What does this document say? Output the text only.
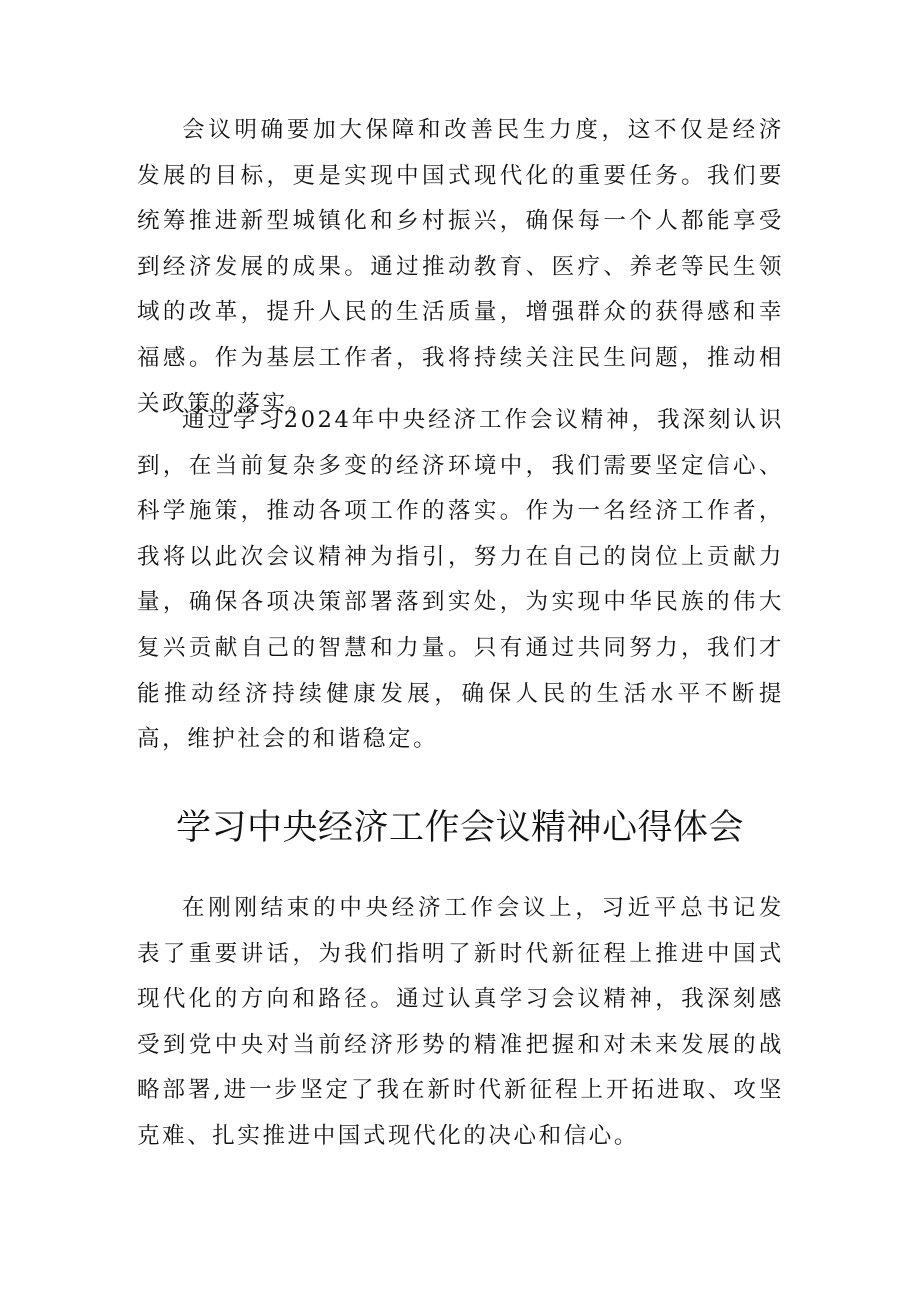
会议明确要加大保障和改善民生力度，这不仅是经济发展的目标，更是实现中国式现代化的重要任务。我们要统筹推进新型城镇化和乡村振兴，确保每一个人都能享受到经济发展的成果。通过推动教育、医疗、养老等民生领域的改革，提升人民的生活质量，增强群众的获得感和幸福感。作为基层工作者，我将持续关注民生问题，推动相关政策的落实。

通过学习2024年中央经济工作会议精神，我深刻认识到，在当前复杂多变的经济环境中，我们需要坚定信心、科学施策，推动各项工作的落实。作为一名经济工作者，我将以此次会议精神为指引，努力在自己的岗位上贡献力量，确保各项决策部署落到实处，为实现中华民族的伟大复兴贡献自己的智慧和力量。只有通过共同努力，我们才能推动经济持续健康发展，确保人民的生活水平不断提高，维护社会的和谐稳定。

学习中央经济工作会议精神心得体会

在刚刚结束的中央经济工作会议上，习近平总书记发表了重要讲话，为我们指明了新时代新征程上推进中国式现代化的方向和路径。通过认真学习会议精神，我深刻感受到党中央对当前经济形势的精准把握和对未来发展的战略部署,进一步坚定了我在新时代新征程上开拓进取、攻坚克难、扎实推进中国式现代化的决心和信心。
